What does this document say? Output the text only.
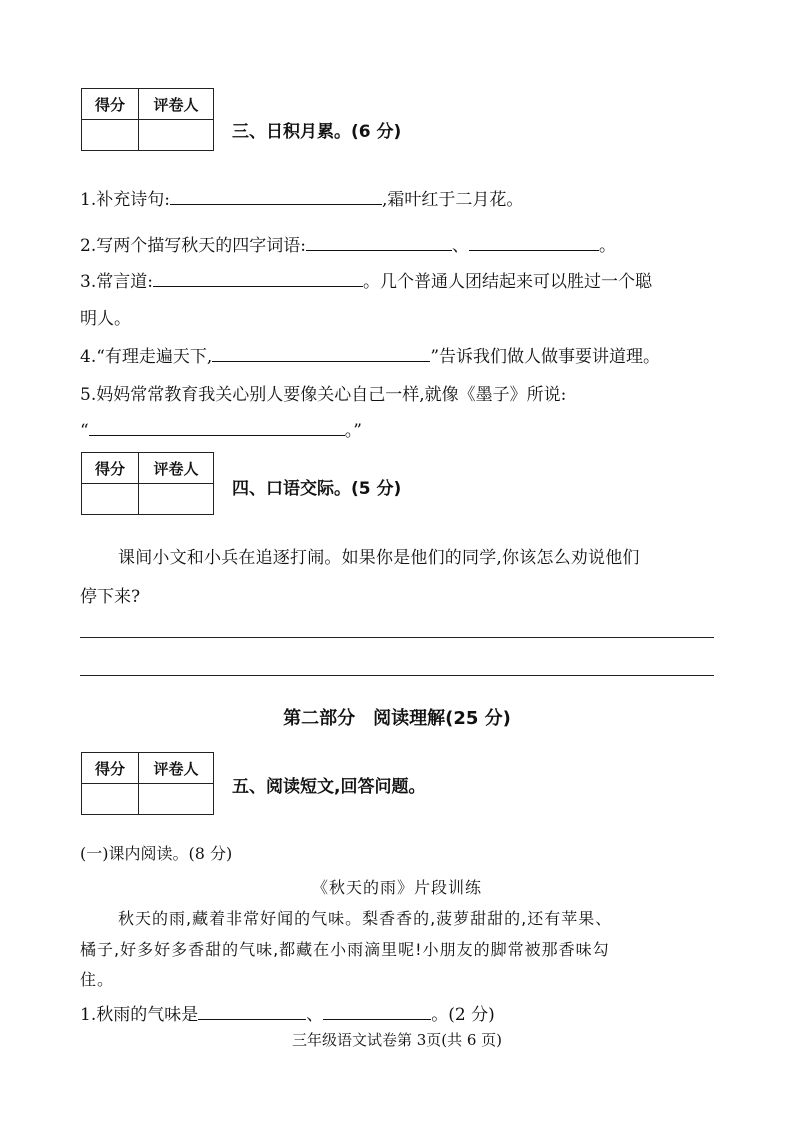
得分	评卷人

三、日积月累。(6 分)
1.补充诗句:	,霜叶红于二月花。
2.写两个描写秋天的四字词语:	、	。
3.常言道:	。几个普通人团结起来可以胜过一个聪
明人。
4.“有理走遍天下,	”告诉我们做人做事要讲道理。
5.妈妈常常教育我关心别人要像关心自己一样,就像《墨子》所说:
“	。”
得分	评卷人

四、口语交际。(5 分)
课间小文和小兵在追逐打闹。如果你是他们的同学,你该怎么劝说他们
停下来?
第二部分　阅读理解(25 分)
得分	评卷人

五、阅读短文,回答问题。
(一)课内阅读。(8 分)
《秋天的雨》片段训练
秋天的雨,藏着非常好闻的气味。梨香香的,菠萝甜甜的,还有苹果、
橘子,好多好多香甜的气味,都藏在小雨滴里呢!小朋友的脚常被那香味勾
住。
1.秋雨的气味是	、	。(2 分)
三年级语文试卷第 3页(共 6 页)
